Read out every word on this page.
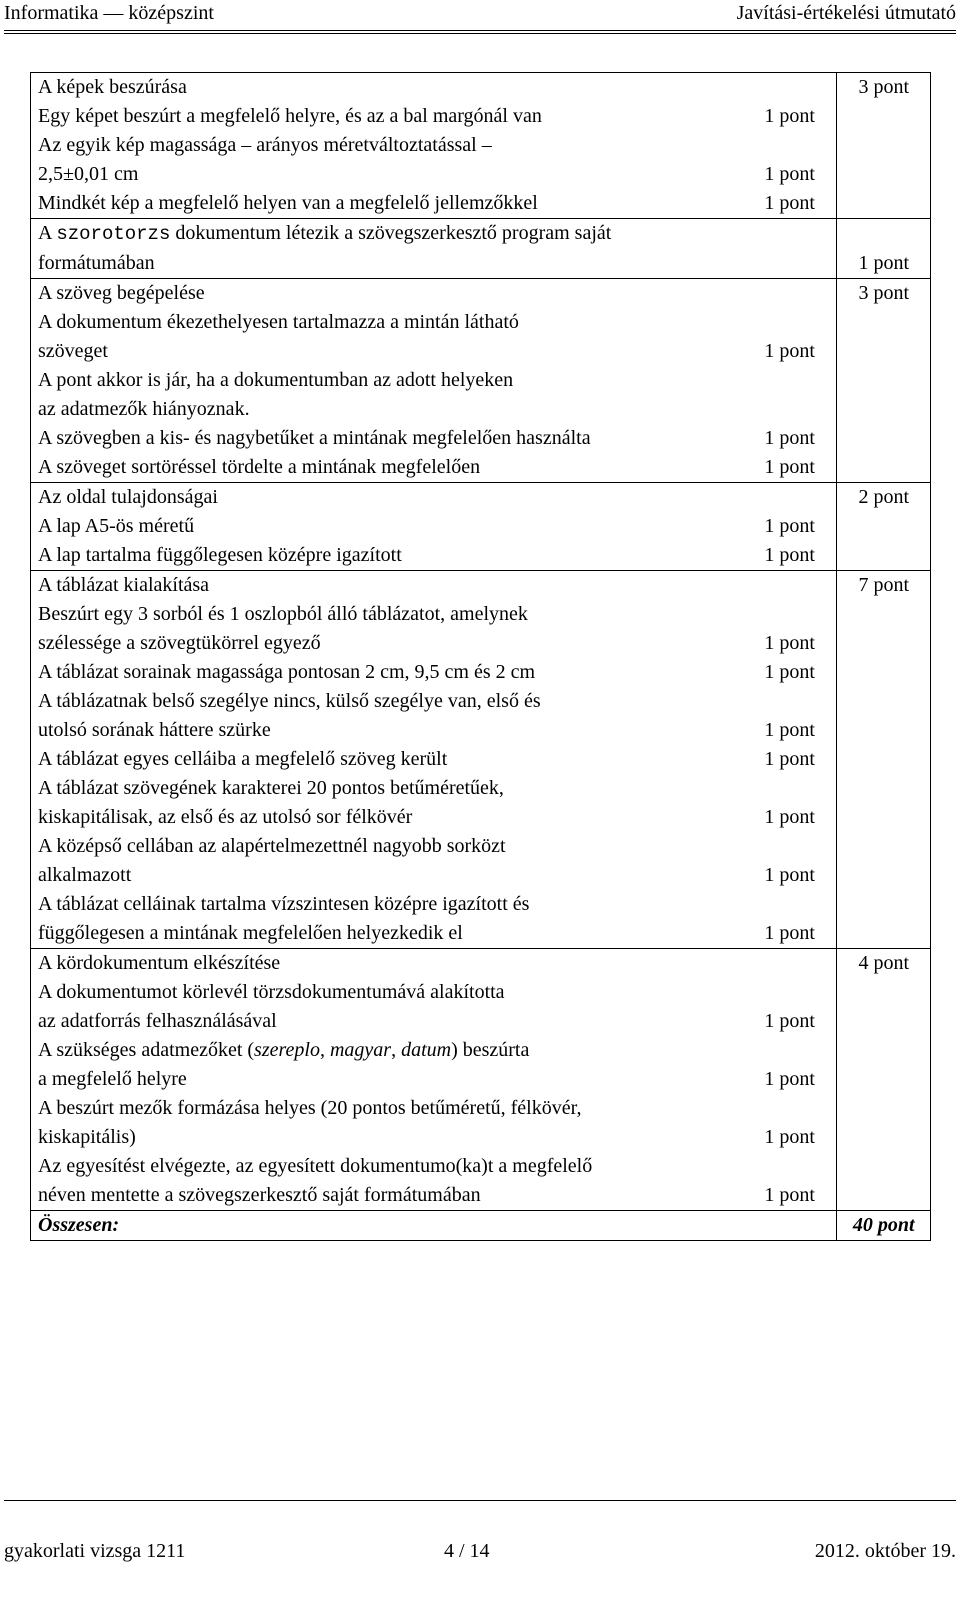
Informatika — középszint	Javítási-értékelési útmutató
A képek beszúrása		3 pont
Egy képet beszúrt a megfelelő helyre, és az a bal margónál van	1 pont	
Az egyik kép magassága – arányos méretváltoztatással –		
2,5±0,01 cm	1 pont	
Mindkét kép a megfelelő helyen van a megfelelő jellemzőkkel	1 pont	
A szorotorzs dokumentum létezik a szövegszerkesztő program saját		
formátumában		1 pont
A szöveg begépelése		3 pont
A dokumentum ékezethelyesen tartalmazza a mintán látható		
szöveget	1 pont	
A pont akkor is jár, ha a dokumentumban az adott helyeken		
az adatmezők hiányoznak.		
A szövegben a kis- és nagybetűket a mintának megfelelően használta	1 pont	
A szöveget sortöréssel tördelte a mintának megfelelően	1 pont	
Az oldal tulajdonságai		2 pont
A lap A5-ös méretű	1 pont	
A lap tartalma függőlegesen középre igazított	1 pont	
A táblázat kialakítása		7 pont
Beszúrt egy 3 sorból és 1 oszlopból álló táblázatot, amelynek		
szélessége a szövegtükörrel egyező	1 pont	
A táblázat sorainak magassága pontosan 2 cm, 9,5 cm és 2 cm	1 pont	
A táblázatnak belső szegélye nincs, külső szegélye van, első és		
utolsó sorának háttere szürke	1 pont	
A táblázat egyes celláiba a megfelelő szöveg került	1 pont	
A táblázat szövegének karakterei 20 pontos betűméretűek,		
kiskapitálisak, az első és az utolsó sor félkövér	1 pont	
A középső cellában az alapértelmezettnél nagyobb sorközt		
alkalmazott	1 pont	
A táblázat celláinak tartalma vízszintesen középre igazított és		
függőlegesen a mintának megfelelően helyezkedik el	1 pont	
A kördokumentum elkészítése		4 pont
A dokumentumot körlevél törzsdokumentumává alakította		
az adatforrás felhasználásával	1 pont	
A szükséges adatmezőket (szereplo, magyar, datum) beszúrta		
a megfelelő helyre	1 pont	
A beszúrt mezők formázása helyes (20 pontos betűméretű, félkövér,		
kiskapitális)	1 pont	
Az egyesítést elvégezte, az egyesített dokumentumo(ka)t a megfelelő		
néven mentette a szövegszerkesztő saját formátumában	1 pont	
Összesen:		40 pont
gyakorlati vizsga 1211	4 / 14	2012. október 19.
